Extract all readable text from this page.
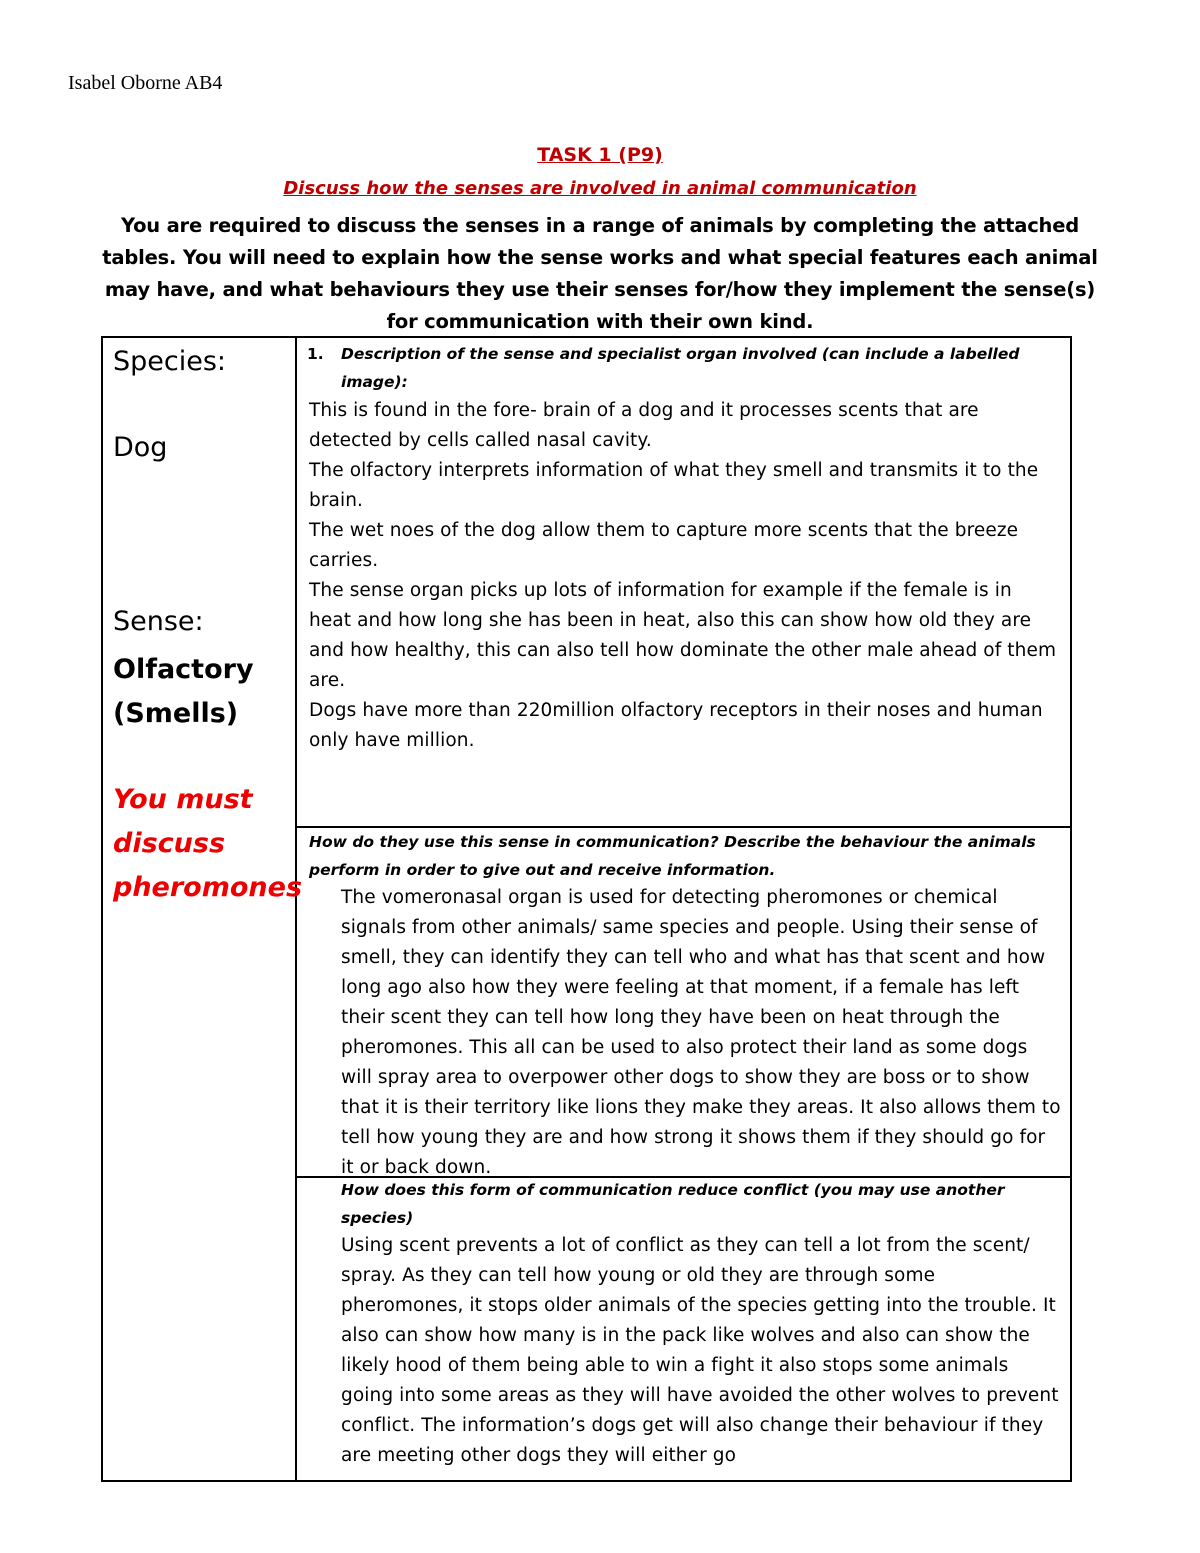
Isabel Oborne AB4
TASK 1 (P9)
Discuss how the senses are involved in animal communication
You are required to discuss the senses in a range of animals by completing the attached tables. You will need to explain how the sense works and what special features each animal may have, and what behaviours they use their senses for/how they implement the sense(s) for communication with their own kind.
Species:
Dog
Sense:
Olfactory (Smells)
You must discuss pheromones
1. Description of the sense and specialist organ involved (can include a labelled image):

This is found in the fore- brain of a dog and it processes scents that are detected by cells called nasal cavity.

The olfactory interprets information of what they smell and transmits it to the brain.

The wet noes of the dog allow them to capture more scents that the breeze carries.

The sense organ picks up lots of information for example if the female is in heat and how long she has been in heat, also this can show how old they are and how healthy, this can also tell how dominate the other male ahead of them are.

Dogs have more than 220million olfactory receptors in their noses and human only have million.

How do they use this sense in communication? Describe the behaviour the animals perform in order to give out and receive information.
The vomeronasal organ is used for detecting pheromones or chemical signals from other animals/ same species and people. Using their sense of smell, they can identify they can tell who and what has that scent and how long ago also how they were feeling at that moment, if a female has left their scent they can tell how long they have been on heat through the pheromones. This all can be used to also protect their land as some dogs will spray area to overpower other dogs to show they are boss or to show that it is their territory like lions they make they areas. It also allows them to tell how young they are and how strong it shows them if they should go for it or back down.
How does this form of communication reduce conflict (you may use another species)
Using scent prevents a lot of conflict as they can tell a lot from the scent/ spray. As they can tell how young or old they are through some pheromones, it stops older animals of the species getting into the trouble. It also can show how many is in the pack like wolves and also can show the likely hood of them being able to win a fight it also stops some animals going into some areas as they will have avoided the other wolves to prevent conflict. The information’s dogs get will also change their behaviour if they are meeting other dogs they will either go
